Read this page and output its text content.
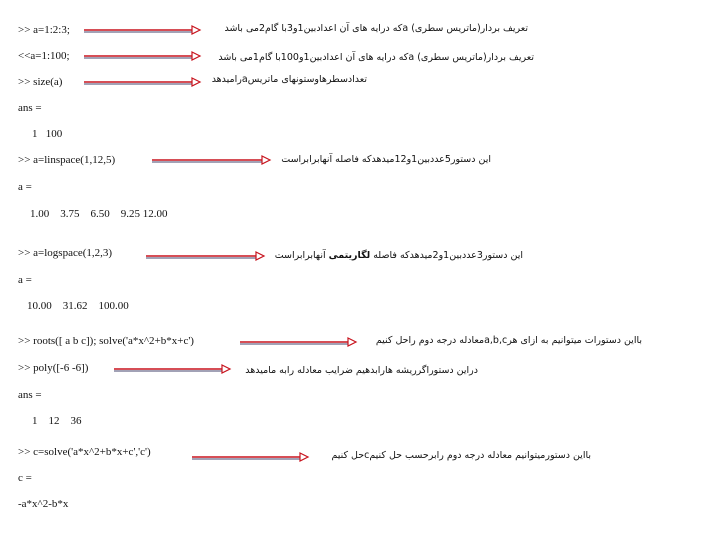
>> a=1:2:3;	تعریف بردار(ماتریس سطری) aکه درایه های آن اعدادبین1و3با گام2می باشد
<<a=1:100;	تعریف بردار(ماتریس سطری) aکه درایه های آن اعدادبین1و100با گام1می باشد
>> size(a)	تعدادسطرهاوستونهای ماتریسaرامیدهد
ans =
1   100
>> a=linspace(1,12,5)	این دستور5عددبین1و12میدهدکه فاصله آنهابرابراست
a =
1.00    3.75    6.50    9.25 12.00
>> a=logspace(1,2,3)	این دستور3عددبین1و2میدهدکه فاصله لگاریتمی آنهابرابراست
a =
10.00    31.62    100.00
>> roots([ a b c]); solve('a*x^2+b*x+c')	بااین دستورات میتوانیم به ازای هرa,b,cمعادله درجه دوم راحل کنیم
>> poly([-6 -6])	دراین دستوراگرریشه هارابدهیم ضرایب معادله رابه مامیدهد
ans =
1    12    36
>> c=solve('a*x^2+b*x+c','c')	بااین دستورمیتوانیم معادله درجه دوم رابرحسب حل کنیمcحل کنیم
c =
-a*x^2-b*x
